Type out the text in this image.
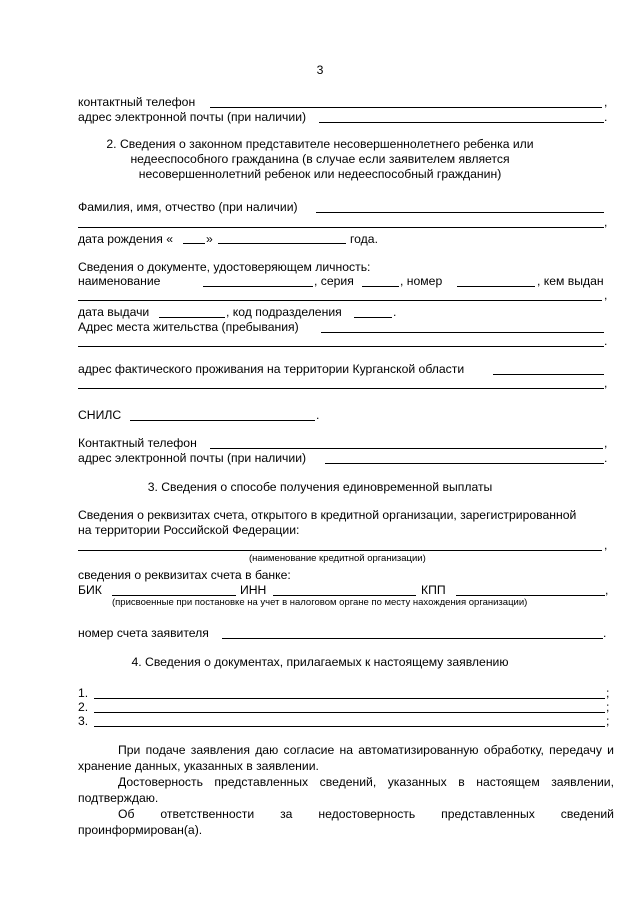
3
контактный телефон	,
адрес электронной почты (при наличии)	.
2. Сведения о законном представителе несовершеннолетнего ребенка или
недееспособного гражданина (в случае если заявителем является
несовершеннолетний ребенок или недееспособный гражданин)
Фамилия, имя, отчество (при наличии)
,
дата рождения «	»	года.
Сведения о документе, удостоверяющем личность:
наименование	, серия	, номер	, кем выдан
,
дата выдачи	, код подразделения	.
Адрес места жительства (пребывания)
.
адрес фактического проживания на территории Курганской области
,
СНИЛС	.
Контактный телефон	,
адрес электронной почты (при наличии)	.
3. Сведения о способе получения единовременной выплаты
Сведения о реквизитах счета, открытого в кредитной организации, зарегистрированной
на территории Российской Федерации:
,
(наименование кредитной организации)
сведения о реквизитах счета в банке:
БИК	ИНН	КПП	,
(присвоенные при постановке на учет в налоговом органе по месту нахождения организации)
номер счета заявителя	.
4. Сведения о документах, прилагаемых к настоящему заявлению
1.	;
2.	;
3.	;
При подаче заявления даю согласие на автоматизированную обработку, передачу и хранение данных, указанных в заявлении.
Достоверность представленных сведений, указанных в настоящем заявлении, подтверждаю.
Об ответственности за недостоверность представленных сведений проинформирован(а).
